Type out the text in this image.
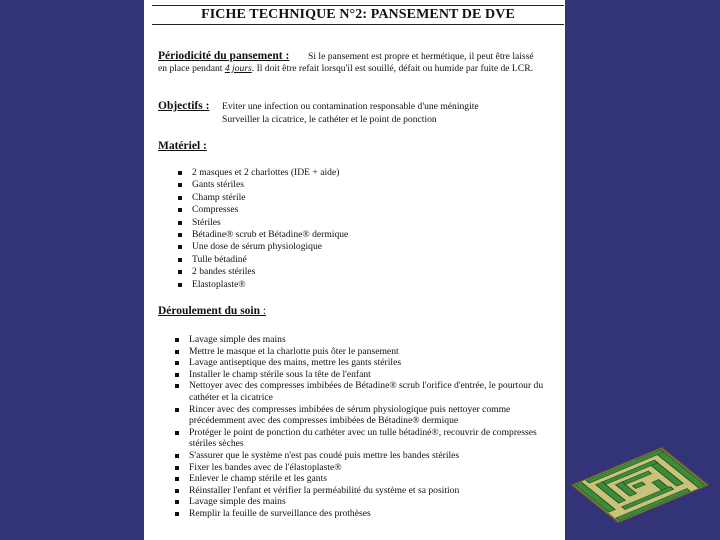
FICHE TECHNIQUE N°2: PANSEMENT DE DVE
Périodicité du pansement : Si le pansement est propre et hermétique, il peut être laissé
en place pendant 4 jours. Il doit être refait lorsqu'il est souillé, défait ou humide par fuite de LCR.
Objectifs : Eviter une infection ou contamination responsable d'une méningite
Surveiller la cicatrice, le cathéter et le point de ponction
Matériel :
2 masques et 2 charlottes (IDE + aide)
Gants stériles
Champ stérile
Compresses
Stériles
Bétadine® scrub et Bétadine® dermique
Une dose de sérum physiologique
Tulle bétadiné
2 bandes stériles
Elastoplaste®
Déroulement du soin :
Lavage simple des mains
Mettre le masque et la charlotte puis ôter le pansement
Lavage antiseptique des mains, mettre les gants stériles
Installer le champ stérile sous la tête de l'enfant
Nettoyer avec des compresses imbibées de Bétadine® scrub l'orifice d'entrée, le pourtour du cathéter et la cicatrice
Rincer avec des compresses imbibées de sérum physiologique puis nettoyer comme précédemment avec des compresses imbibées de Bétadine® dermique
Protéger le point de ponction du cathéter avec un tulle bétadiné®, recouvrir de compresses stériles sèches
S'assurer que le système n'est pas coudé puis mettre les bandes stériles
Fixer les bandes avec de l'élastoplaste®
Enlever le champ stérile et les gants
Réinstaller l'enfant et vérifier la perméabilité du système et sa position
Lavage simple des mains
Remplir la feuille de surveillance des prothèses
